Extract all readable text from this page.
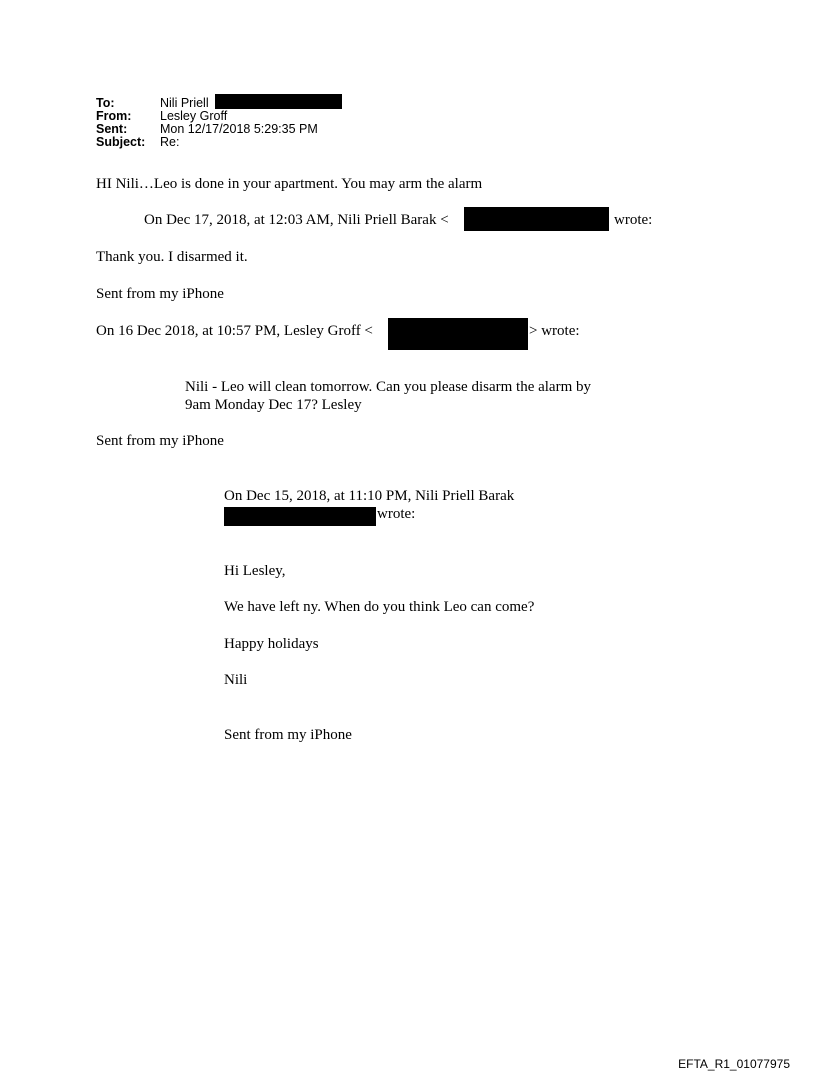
To:	Nili Priell
From: Lesley Groff
Sent:	Mon 12/17/2018 5:29:35 PM
Subject: Re:
HI Nili…Leo is done in your apartment. You may arm the alarm
On Dec 17, 2018, at 12:03 AM, Nili Priell Barak <	wrote:
Thank you. I disarmed it.
Sent from my iPhone
On 16 Dec 2018, at 10:57 PM, Lesley Groff <	> wrote:
Nili - Leo will clean tomorrow. Can you please disarm the alarm by
9am Monday Dec 17? Lesley
Sent from my iPhone
On Dec 15, 2018, at 11:10 PM, Nili Priell Barak
wrote:
Hi Lesley,
We have left ny. When do you think Leo can come?
Happy holidays
Nili
Sent from my iPhone
EFTA_R1_01077975
